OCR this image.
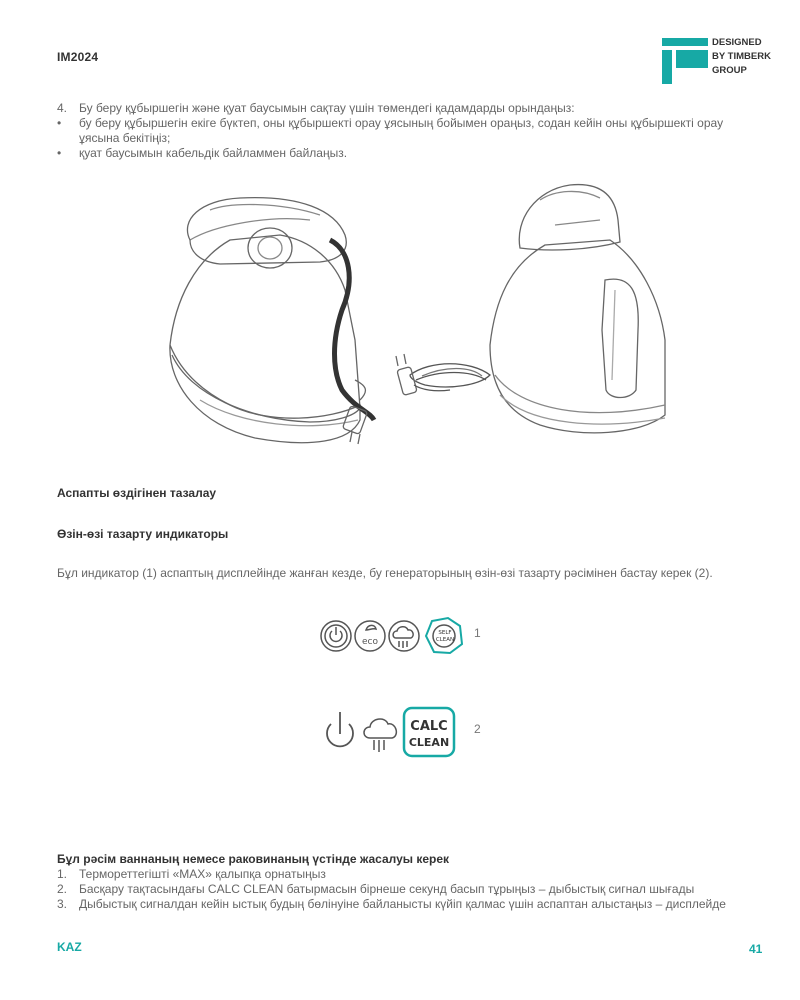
IM2024
DESIGNED
BY TIMBERK
GROUP
4. Бу беру құбыршегін және қуат баусымын сақтау үшін төмендегі қадамдарды орындаңыз:
•	бу беру құбыршегін екіге бүктеп, оны құбыршекті орау ұясының бойымен ораңыз, содан кейін оны құбыршекті орау ұясына бекітіңіз;
•	қуат баусымын кабельдік байламмен байлаңыз.
Аспапты өздігінен тазалау
Өзін-өзі тазарту индикаторы
Бұл индикатор (1) аспаптың дисплейінде жанған кезде, бу генераторының өзін-өзі тазарту рәсімінен бастау керек (2).
eco
SELF
CLEAN 1
CALC
CLEAN
2
Бұл рәсім ваннаның немесе раковинаның үстінде жасалуы керек
1. Термореттегішті «MAX» қалыпқа орнатыңыз
2. Басқару тақтасындағы CALC CLEAN батырмасын бірнеше секунд басып тұрыңыз – дыбыстық сигнал шығады
3. Дыбыстық сигналдан кейін ыстық будың бөлінуіне байланысты күйіп қалмас үшін аспаптан алыстаңыз – дисплейде
KAZ	41
